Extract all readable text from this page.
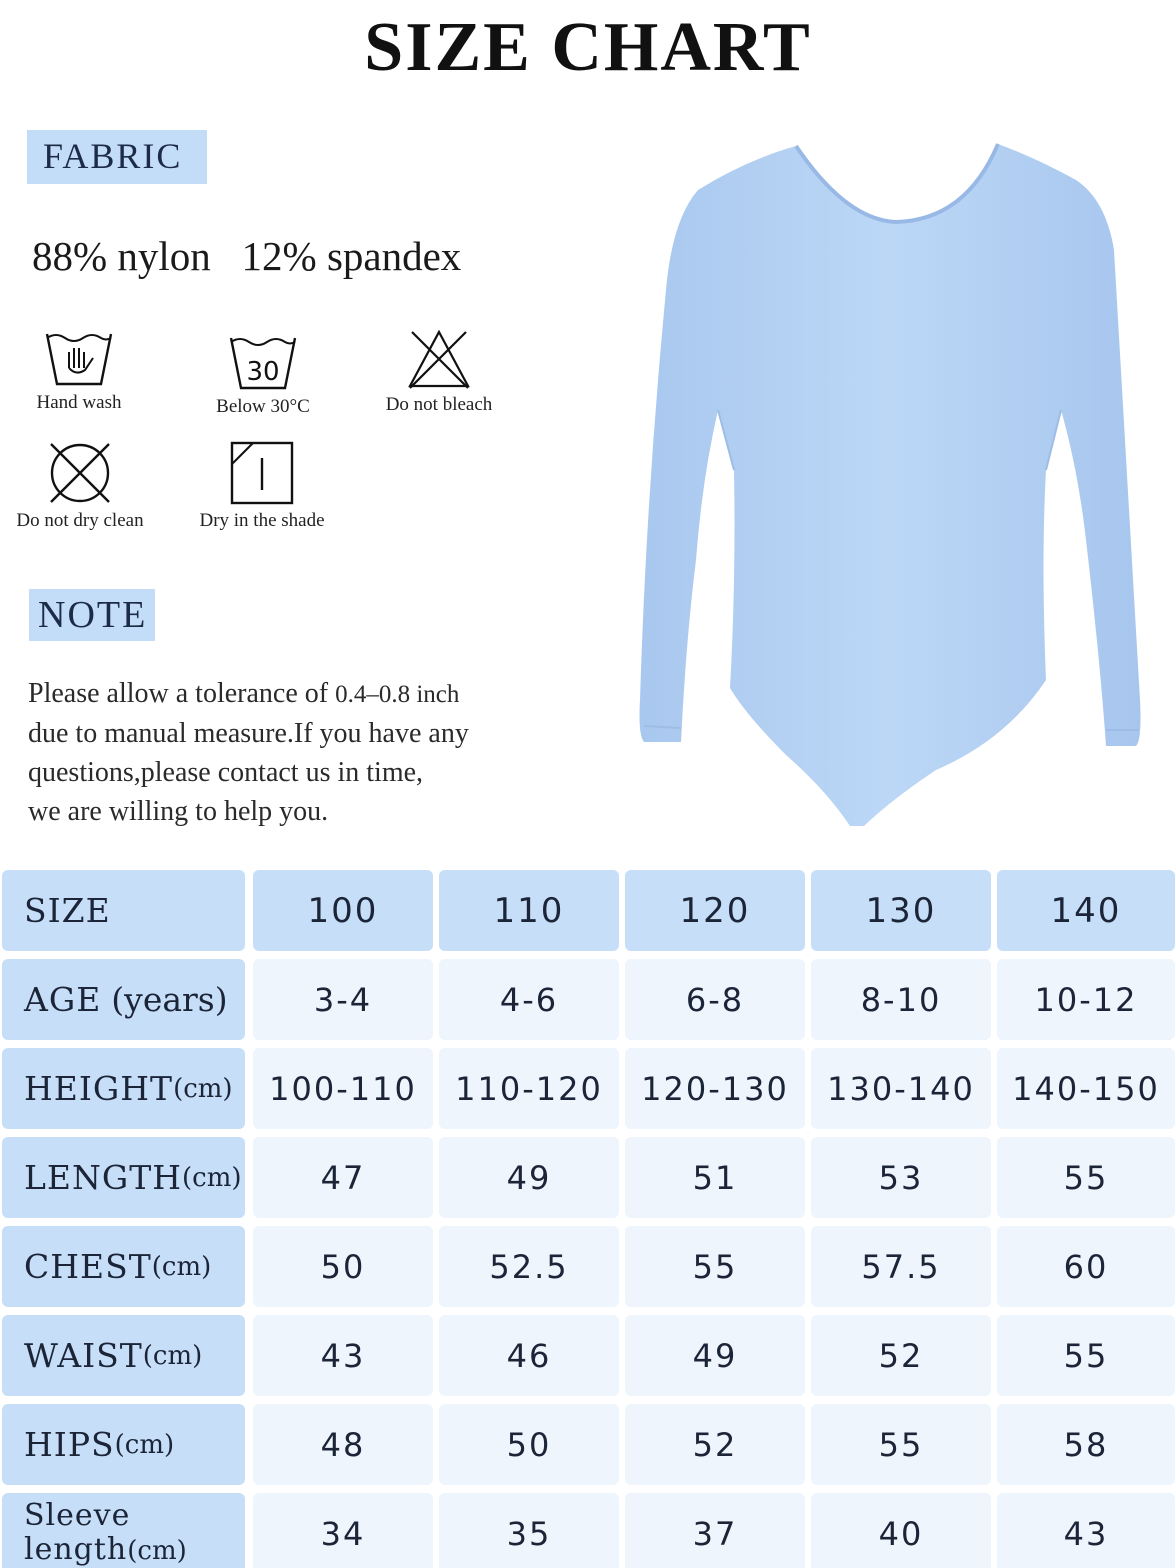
SIZE CHART
FABRIC
88% nylon   12% spandex
Hand wash
30
Below 30°C	Do not bleach
Do not dry clean	Dry in the shade
NOTE
Please allow a tolerance of 0.4–0.8 inch
due to manual measure.If you have any
questions,please contact us in time,
we are willing to help you.
SIZE	100	110	120	130	140
AGE (years)	3-4	4-6	6-8	8-10	10-12
HEIGHT (cm)	100-110	110-120	120-130	130-140	140-150
LENGTH (cm)	47	49	51	53	55
CHEST (cm)	50	52.5	55	57.5	60
WAIST (cm)	43	46	49	52	55
HIPS (cm)	48	50	52	55	58
Sleeve
length(cm)	34	35	37	40	43
